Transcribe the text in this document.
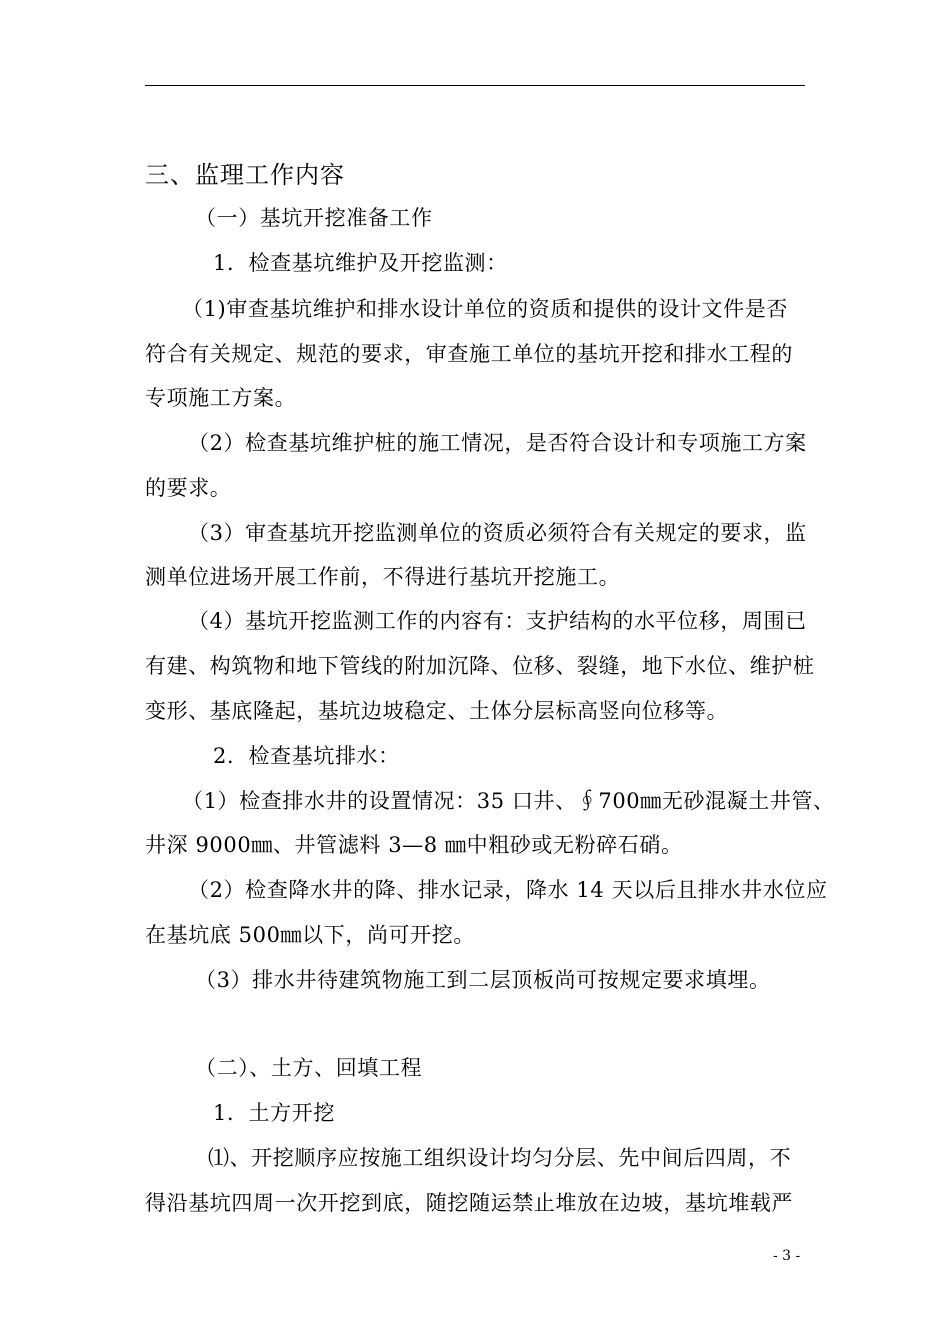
三、监理工作内容
（一）基坑开挖准备工作
1．检查基坑维护及开挖监测：
（1)审查基坑维护和排水设计单位的资质和提供的设计文件是否
符合有关规定、规范的要求，审查施工单位的基坑开挖和排水工程的
专项施工方案。
（2）检查基坑维护桩的施工情况，是否符合设计和专项施工方案
的要求。
（3）审查基坑开挖监测单位的资质必须符合有关规定的要求，监
测单位进场开展工作前，不得进行基坑开挖施工。
（4）基坑开挖监测工作的内容有：支护结构的水平位移，周围已
有建、构筑物和地下管线的附加沉降、位移、裂缝，地下水位、维护桩
变形、基底隆起，基坑边坡稳定、土体分层标高竖向位移等。
2．检查基坑排水：
（1）检查排水井的设置情况：35 口井、∮700㎜无砂混凝土井管、
井深 9000㎜、井管滤料 3—8 ㎜中粗砂或无粉碎石硝。
（2）检查降水井的降、排水记录，降水 14 天以后且排水井水位应
在基坑底 500㎜以下，尚可开挖。
（3）排水井待建筑物施工到二层顶板尚可按规定要求填埋。
（二）、土方、回填工程
1．土方开挖
⑴、开挖顺序应按施工组织设计均匀分层、先中间后四周，不
得沿基坑四周一次开挖到底，随挖随运禁止堆放在边坡，基坑堆载严
- 3 -
